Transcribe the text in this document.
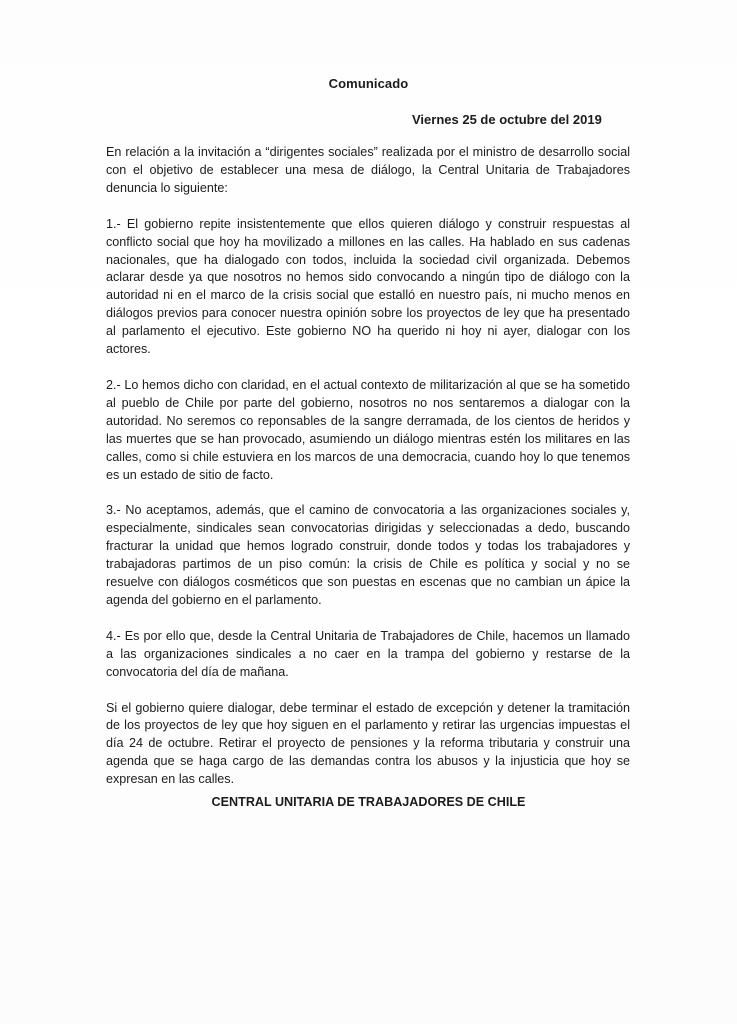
Comunicado

Viernes 25 de octubre del 2019

En relación a la invitación a “dirigentes sociales” realizada por el ministro de desarrollo social con el objetivo de establecer una mesa de diálogo, la Central Unitaria de Trabajadores denuncia lo siguiente:

1.- El gobierno repite insistentemente que ellos quieren diálogo y construir respuestas al conflicto social que hoy ha movilizado a millones en las calles. Ha hablado en sus cadenas nacionales, que ha dialogado con todos, incluida la sociedad civil organizada. Debemos aclarar desde ya que nosotros no hemos sido convocando a ningún tipo de diálogo con la autoridad ni en el marco de la crisis social que estalló en nuestro país, ni mucho menos en diálogos previos para conocer nuestra opinión sobre los proyectos de ley que ha presentado al parlamento el ejecutivo. Este gobierno NO ha querido ni hoy ni ayer, dialogar con los actores.

2.- Lo hemos dicho con claridad, en el actual contexto de militarización al que se ha sometido al pueblo de Chile por parte del gobierno, nosotros no nos sentaremos a dialogar con la autoridad. No seremos co reponsables de la sangre derramada, de los cientos de heridos y las muertes que se han provocado, asumiendo un diálogo mientras estén los militares en las calles, como si chile estuviera en los marcos de una democracia, cuando hoy lo que tenemos es un estado de sitio de facto.

3.- No aceptamos, además, que el camino de convocatoria a las organizaciones sociales y, especialmente, sindicales sean convocatorias dirigidas y seleccionadas a dedo, buscando fracturar la unidad que hemos logrado construir, donde todos y todas los trabajadores y trabajadoras partimos de un piso común: la crisis de Chile es política y social y no se resuelve con diálogos cosméticos que son puestas en escenas que no cambian un ápice la agenda del gobierno en el parlamento.

4.- Es por ello que, desde la Central Unitaria de Trabajadores de Chile, hacemos un llamado a las organizaciones sindicales a no caer en la trampa del gobierno y restarse de la convocatoria del día de mañana.

Si el gobierno quiere dialogar, debe terminar el estado de excepción y detener la tramitación de los proyectos de ley que hoy siguen en el parlamento y retirar las urgencias impuestas el día 24 de octubre. Retirar el proyecto de pensiones y la reforma tributaria y construir una agenda que se haga cargo de las demandas contra los abusos y la injusticia que hoy se expresan en las calles.

CENTRAL UNITARIA DE TRABAJADORES DE CHILE
